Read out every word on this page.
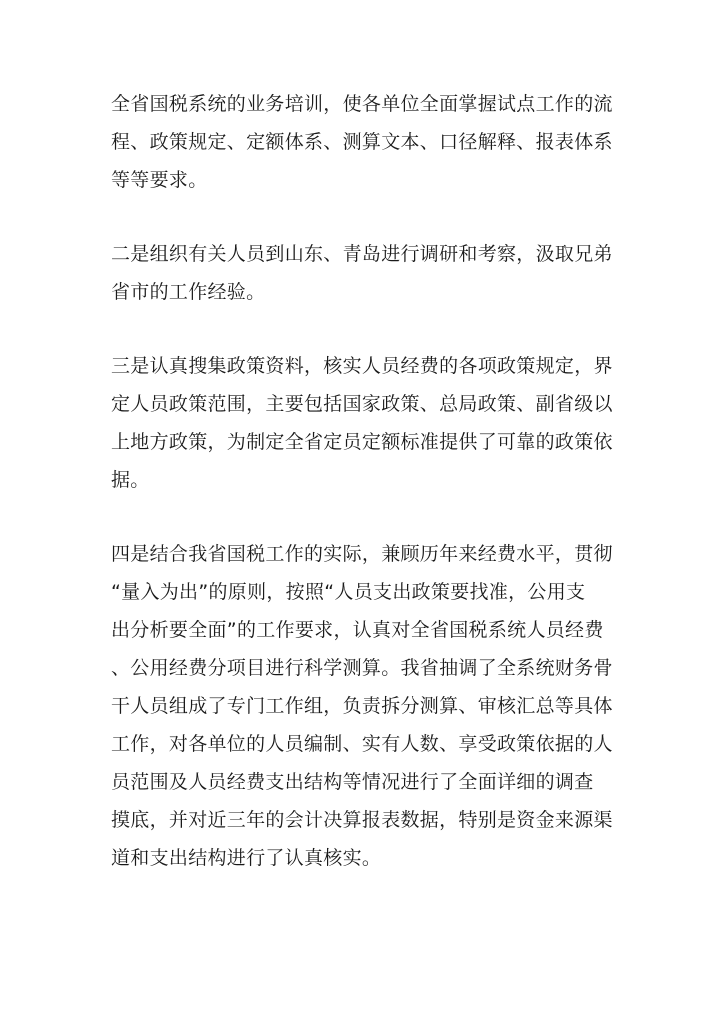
全省国税系统的业务培训，使各单位全面掌握试点工作的流
程、政策规定、定额体系、测算文本、口径解释、报表体系
等等要求。
二是组织有关人员到山东、青岛进行调研和考察，汲取兄弟
省市的工作经验。
三是认真搜集政策资料，核实人员经费的各项政策规定，界
定人员政策范围，主要包括国家政策、总局政策、副省级以
上地方政策，为制定全省定员定额标准提供了可靠的政策依
据。
四是结合我省国税工作的实际，兼顾历年来经费水平，贯彻
“量入为出”的原则，按照“人员支出政策要找准，公用支
出分析要全面”的工作要求，认真对全省国税系统人员经费
、公用经费分项目进行科学测算。我省抽调了全系统财务骨
干人员组成了专门工作组，负责拆分测算、审核汇总等具体
工作，对各单位的人员编制、实有人数、享受政策依据的人
员范围及人员经费支出结构等情况进行了全面详细的调查
摸底，并对近三年的会计决算报表数据，特别是资金来源渠
道和支出结构进行了认真核实。
